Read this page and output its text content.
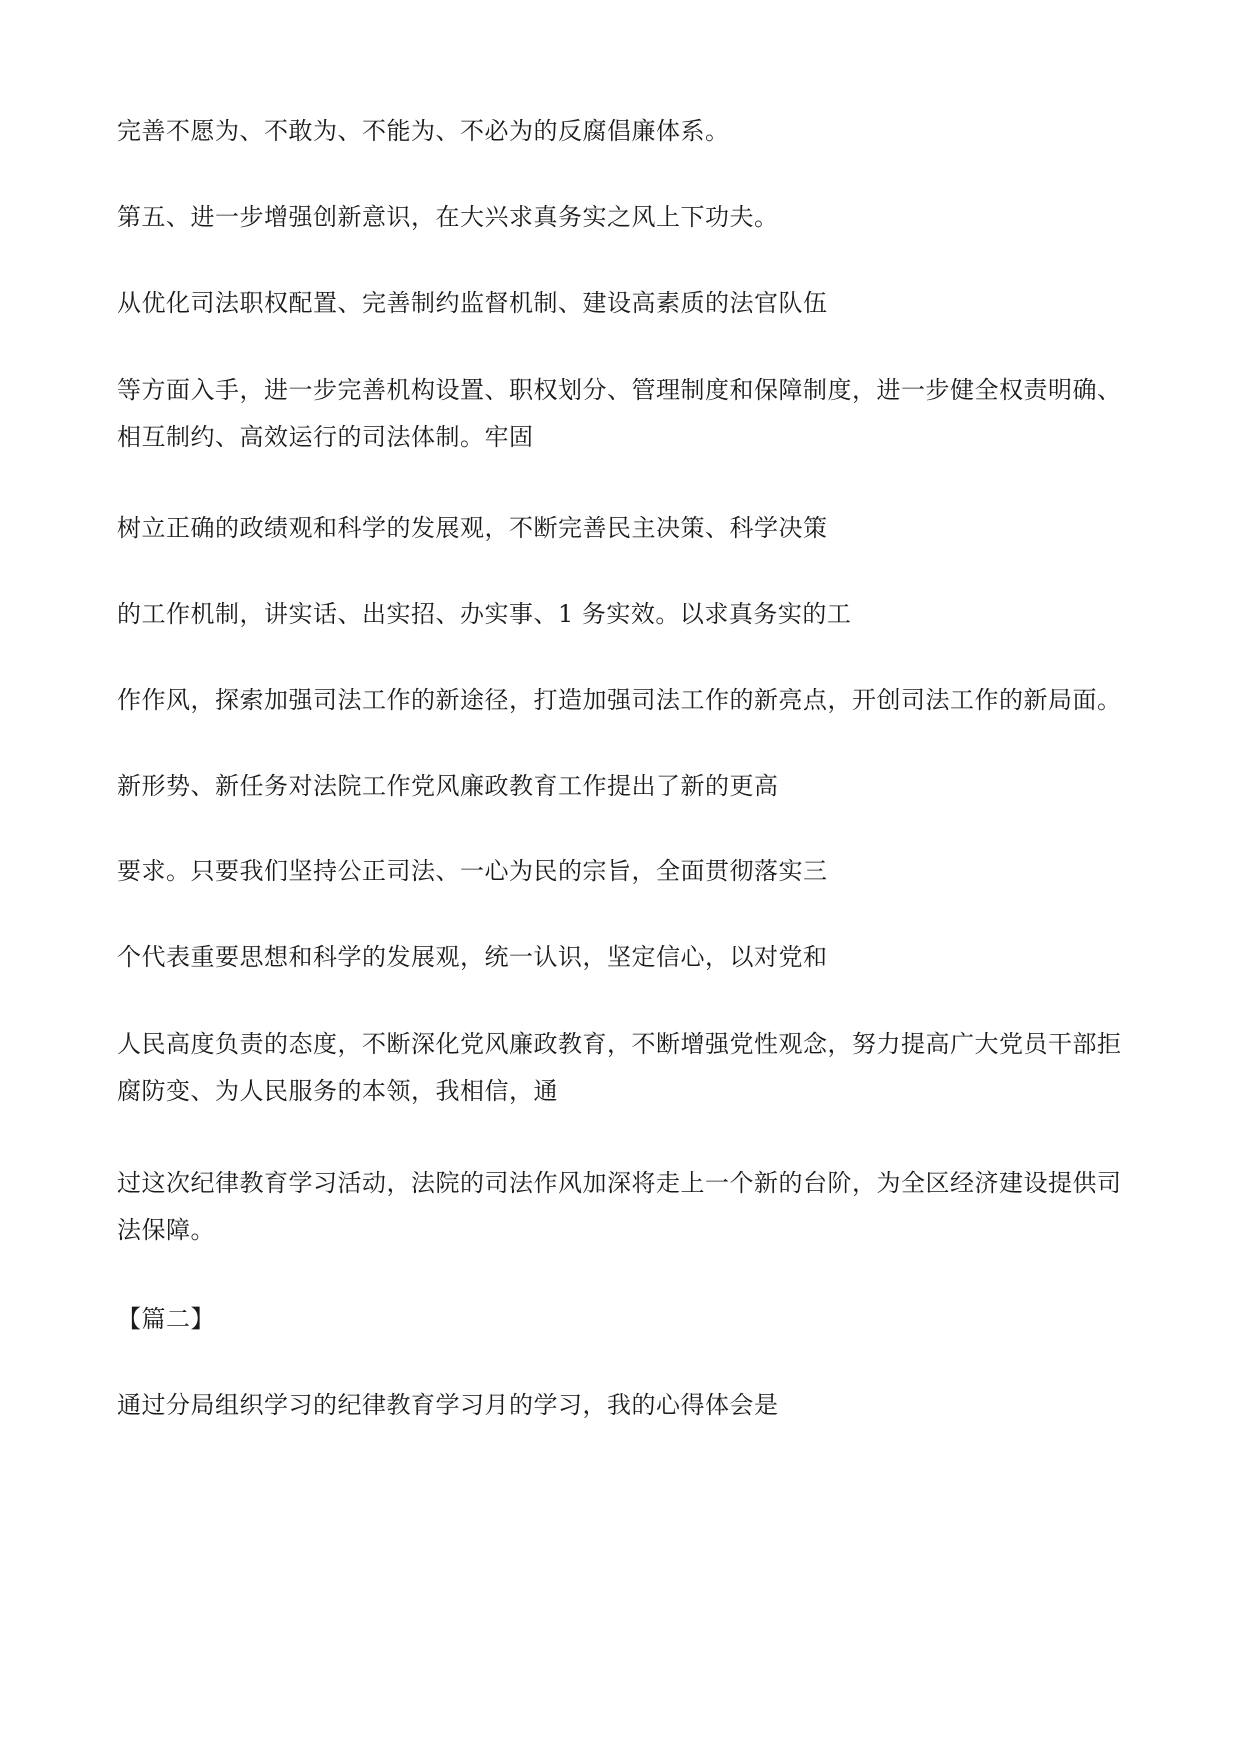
完善不愿为、不敢为、不能为、不必为的反腐倡廉体系。

第五、进一步增强创新意识，在大兴求真务实之风上下功夫。

从优化司法职权配置、完善制约监督机制、建设高素质的法官队伍

等方面入手，进一步完善机构设置、职权划分、管理制度和保障制度，进一步健全权责明确、相互制约、高效运行的司法体制。牢固

树立正确的政绩观和科学的发展观，不断完善民主决策、科学决策

的工作机制，讲实话、出实招、办实事、1 务实效。以求真务实的工

作作风，探索加强司法工作的新途径，打造加强司法工作的新亮点，开创司法工作的新局面。

新形势、新任务对法院工作党风廉政教育工作提出了新的更高

要求。只要我们坚持公正司法、一心为民的宗旨，全面贯彻落实三

个代表重要思想和科学的发展观，统一认识，坚定信心，以对党和

人民高度负责的态度，不断深化党风廉政教育，不断增强党性观念，努力提高广大党员干部拒腐防变、为人民服务的本领，我相信，通

过这次纪律教育学习活动，法院的司法作风加深将走上一个新的台阶，为全区经济建设提供司法保障。

【篇二】

通过分局组织学习的纪律教育学习月的学习，我的心得体会是
